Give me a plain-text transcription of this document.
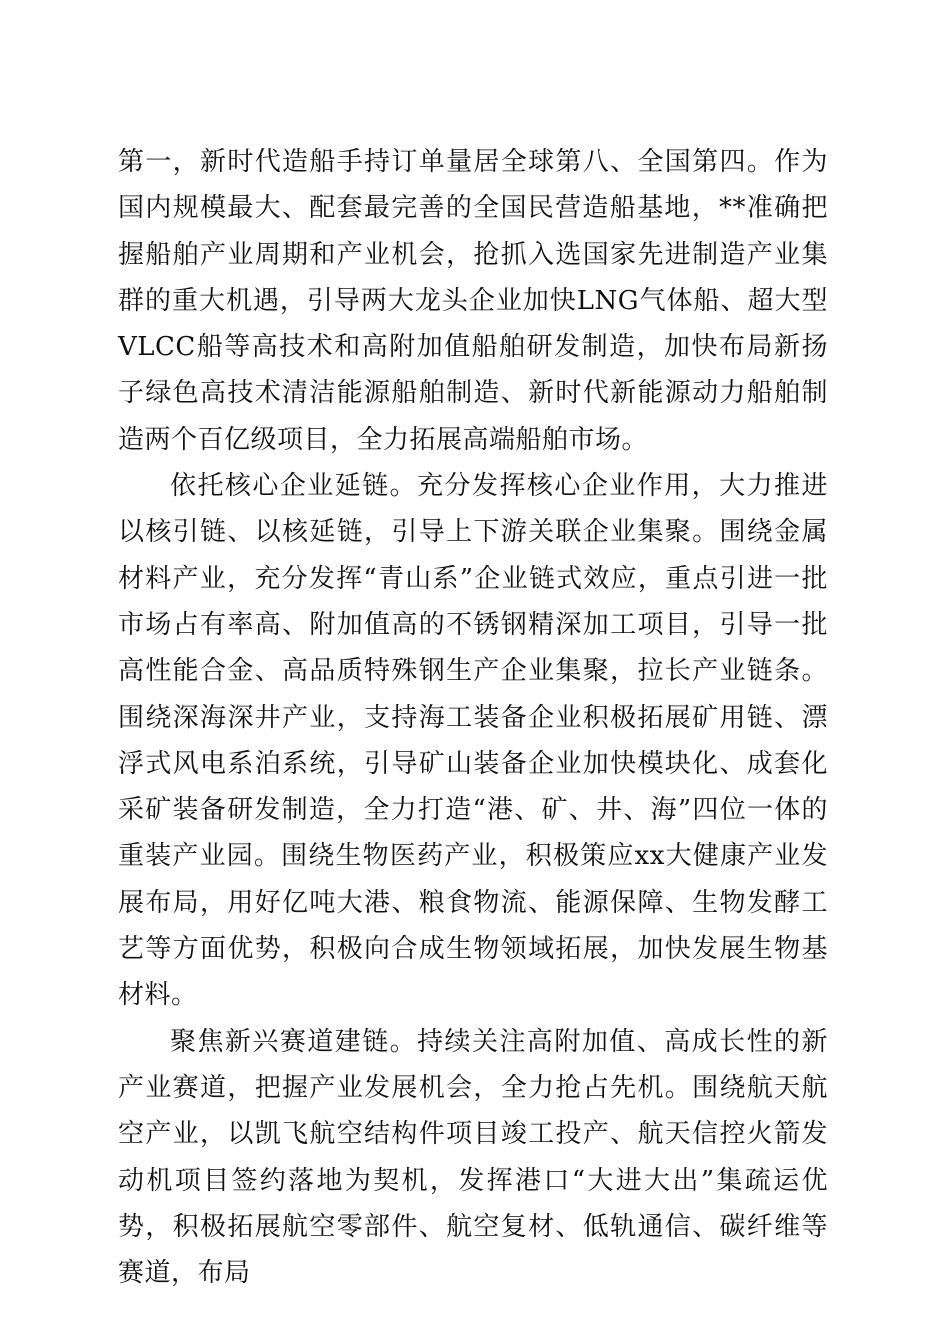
第一，新时代造船手持订单量居全球第八、全国第四。作为国内规模最大、配套最完善的全国民营造船基地，**准确把握船舶产业周期和产业机会，抢抓入选国家先进制造产业集群的重大机遇，引导两大龙头企业加快LNG气体船、超大型VLCC船等高技术和高附加值船舶研发制造，加快布局新扬子绿色高技术清洁能源船舶制造、新时代新能源动力船舶制造两个百亿级项目，全力拓展高端船舶市场。

依托核心企业延链。充分发挥核心企业作用，大力推进以核引链、以核延链，引导上下游关联企业集聚。围绕金属材料产业，充分发挥“青山系”企业链式效应，重点引进一批市场占有率高、附加值高的不锈钢精深加工项目，引导一批高性能合金、高品质特殊钢生产企业集聚，拉长产业链条。围绕深海深井产业，支持海工装备企业积极拓展矿用链、漂浮式风电系泊系统，引导矿山装备企业加快模块化、成套化采矿装备研发制造，全力打造“港、矿、井、海”四位一体的重装产业园。围绕生物医药产业，积极策应xx大健康产业发展布局，用好亿吨大港、粮食物流、能源保障、生物发酵工艺等方面优势，积极向合成生物领域拓展，加快发展生物基材料。

聚焦新兴赛道建链。持续关注高附加值、高成长性的新产业赛道，把握产业发展机会，全力抢占先机。围绕航天航空产业，以凯飞航空结构件项目竣工投产、航天信控火箭发动机项目签约落地为契机，发挥港口“大进大出”集疏运优势，积极拓展航空零部件、航空复材、低轨通信、碳纤维等赛道，布局
